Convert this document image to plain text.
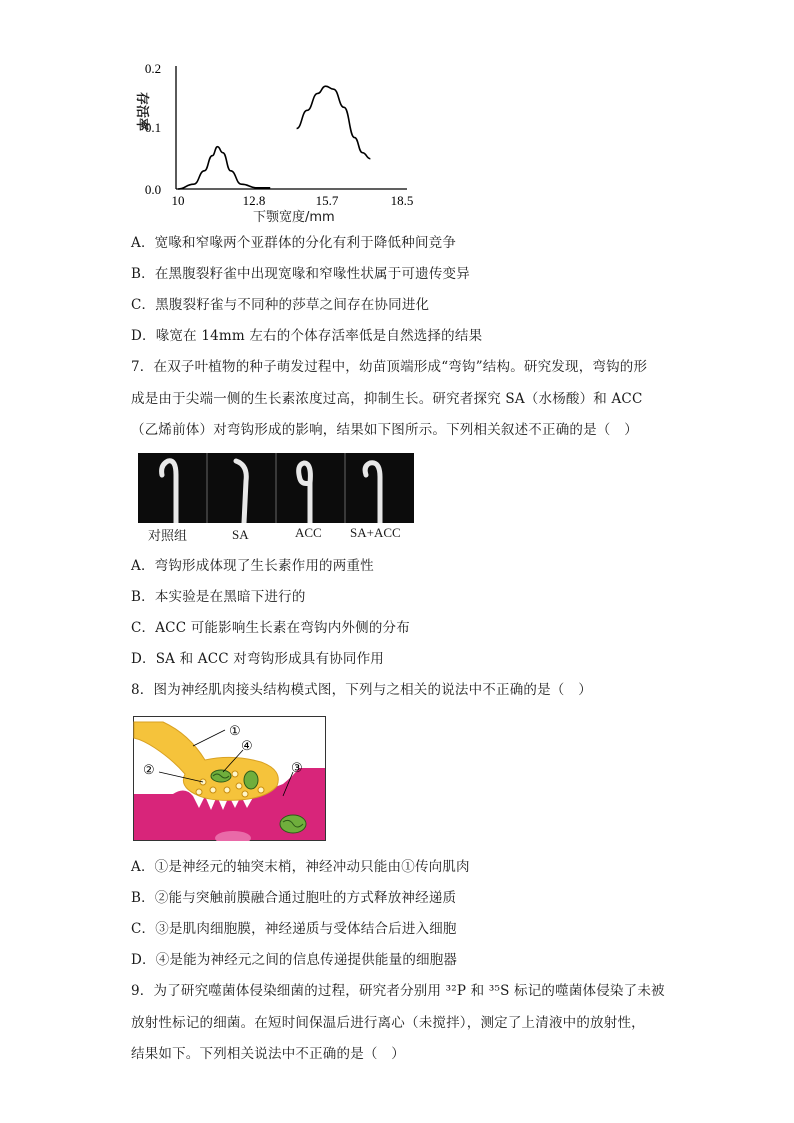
0.0
0.1
0.2
10	12.8	15.7	18.5
存活率
下颚宽度/mm
A．宽喙和窄喙两个亚群体的分化有利于降低种间竞争
B．在黑腹裂籽雀中出现宽喙和窄喙性状属于可遗传变异
C．黑腹裂籽雀与不同种的莎草之间存在协同进化
D．喙宽在 14mm 左右的个体存活率低是自然选择的结果
7．在双子叶植物的种子萌发过程中，幼苗顶端形成“弯钩”结构。研究发现，弯钩的形
成是由于尖端一侧的生长素浓度过高，抑制生长。研究者探究 SA（水杨酸）和 ACC
（乙烯前体）对弯钩形成的影响，结果如下图所示。下列相关叙述不正确的是（　）
对照组	SA	ACC SA+ACC
A．弯钩形成体现了生长素作用的两重性
B．本实验是在黑暗下进行的
C．ACC 可能影响生长素在弯钩内外侧的分布
D．SA 和 ACC 对弯钩形成具有协同作用
8．图为神经肌肉接头结构模式图，下列与之相关的说法中不正确的是（　）
①
②	③
④
A．①是神经元的轴突末梢，神经冲动只能由①传向肌肉
B．②能与突触前膜融合通过胞吐的方式释放神经递质
C．③是肌肉细胞膜，神经递质与受体结合后进入细胞
D．④是能为神经元之间的信息传递提供能量的细胞器
9．为了研究噬菌体侵染细菌的过程，研究者分别用 ³²P 和 ³⁵S 标记的噬菌体侵染了未被
放射性标记的细菌。在短时间保温后进行离心（未搅拌），测定了上清液中的放射性，
结果如下。下列相关说法中不正确的是（　）
